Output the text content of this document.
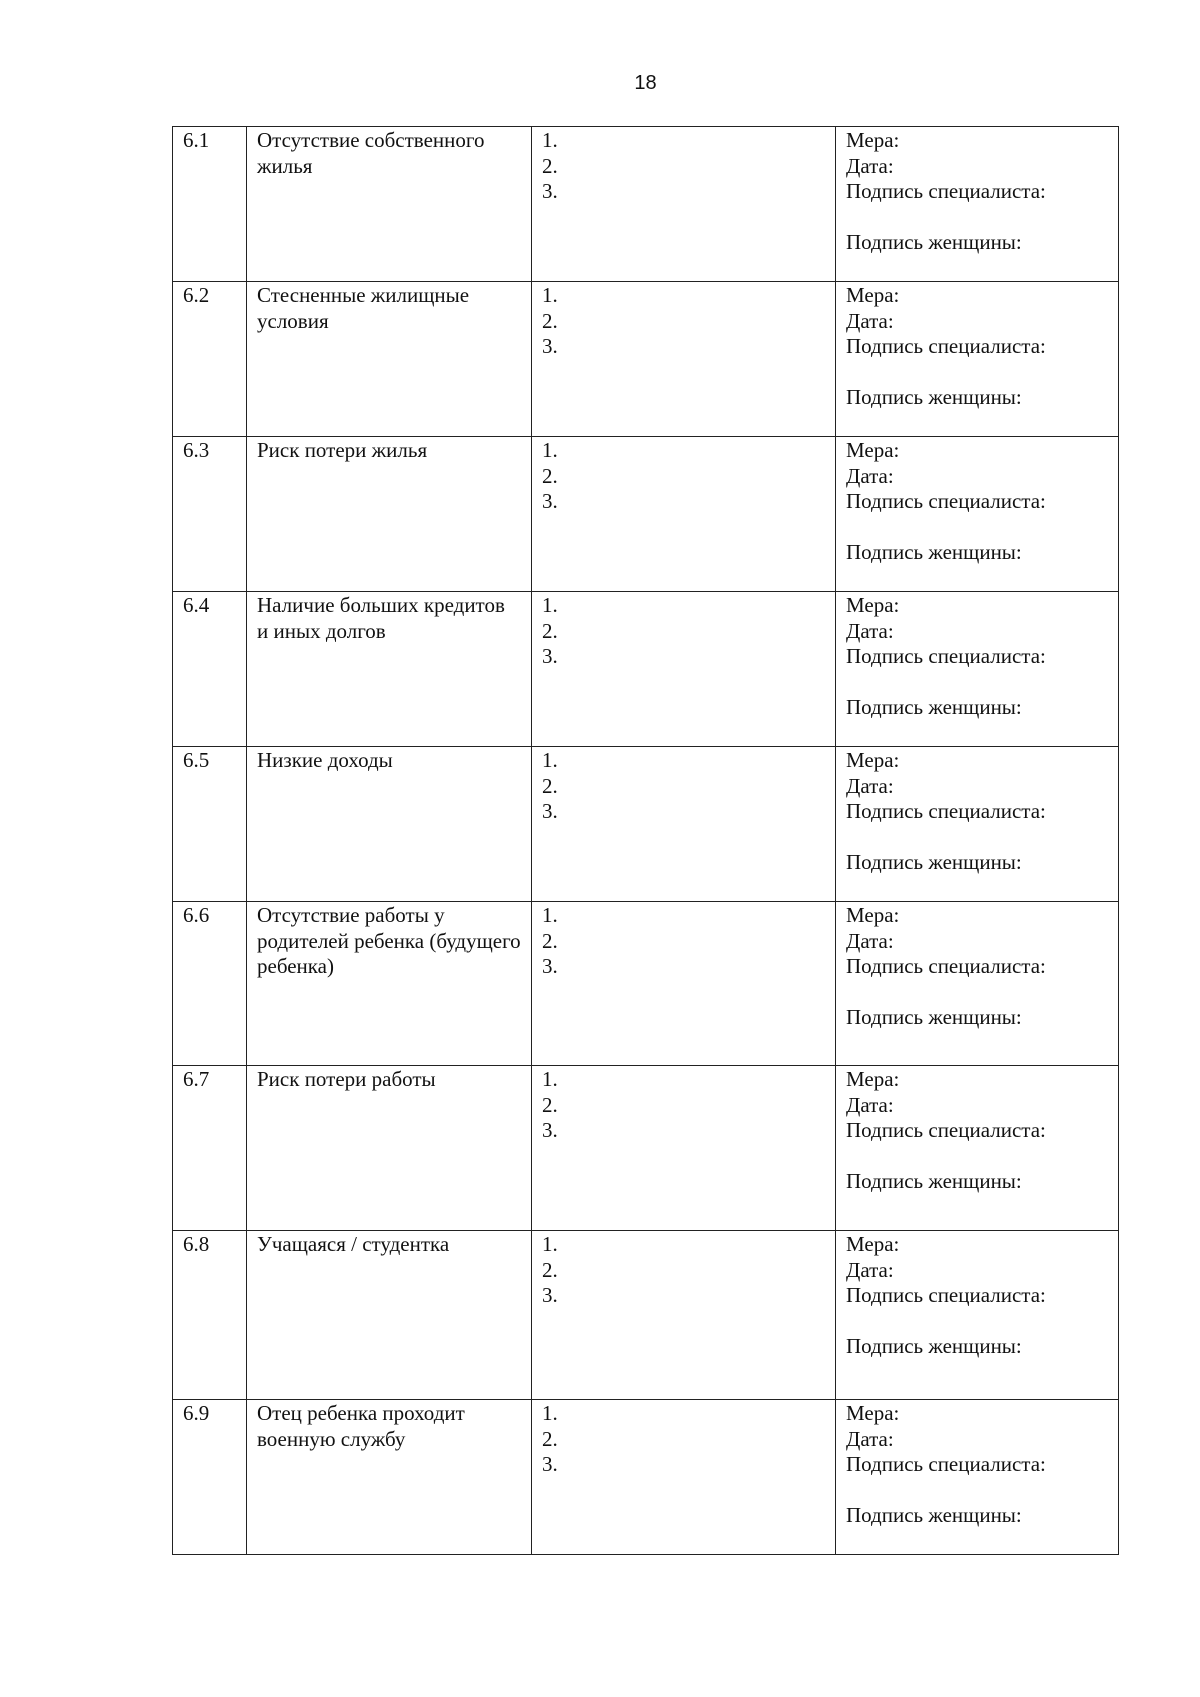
18
6.1	Отсутствие собственного жилья	1.
2.
3.	Мера:
Дата:
Подпись специалиста:
Подпись женщины:

6.2	Стесненные жилищные условия	1.
2.
3.	Мера:
Дата:
Подпись специалиста:
Подпись женщины:

6.3	Риск потери жилья	1.
2.
3.	Мера:
Дата:
Подпись специалиста:
Подпись женщины:

6.4	Наличие больших кредитов и иных долгов	1.
2.
3.	Мера:
Дата:
Подпись специалиста:
Подпись женщины:

6.5	Низкие доходы	1.
2.
3.	Мера:
Дата:
Подпись специалиста:
Подпись женщины:

6.6	Отсутствие работы у родителей ребенка (будущего ребенка)	1.
2.
3.	Мера:
Дата:
Подпись специалиста:
Подпись женщины:

6.7	Риск потери работы	1.
2.
3.	Мера:
Дата:
Подпись специалиста:
Подпись женщины:

6.8	Учащаяся / студентка	1.
2.
3.	Мера:
Дата:
Подпись специалиста:
Подпись женщины:

6.9	Отец ребенка проходит военную службу	1.
2.
3.	Мера:
Дата:
Подпись специалиста:
Подпись женщины:
